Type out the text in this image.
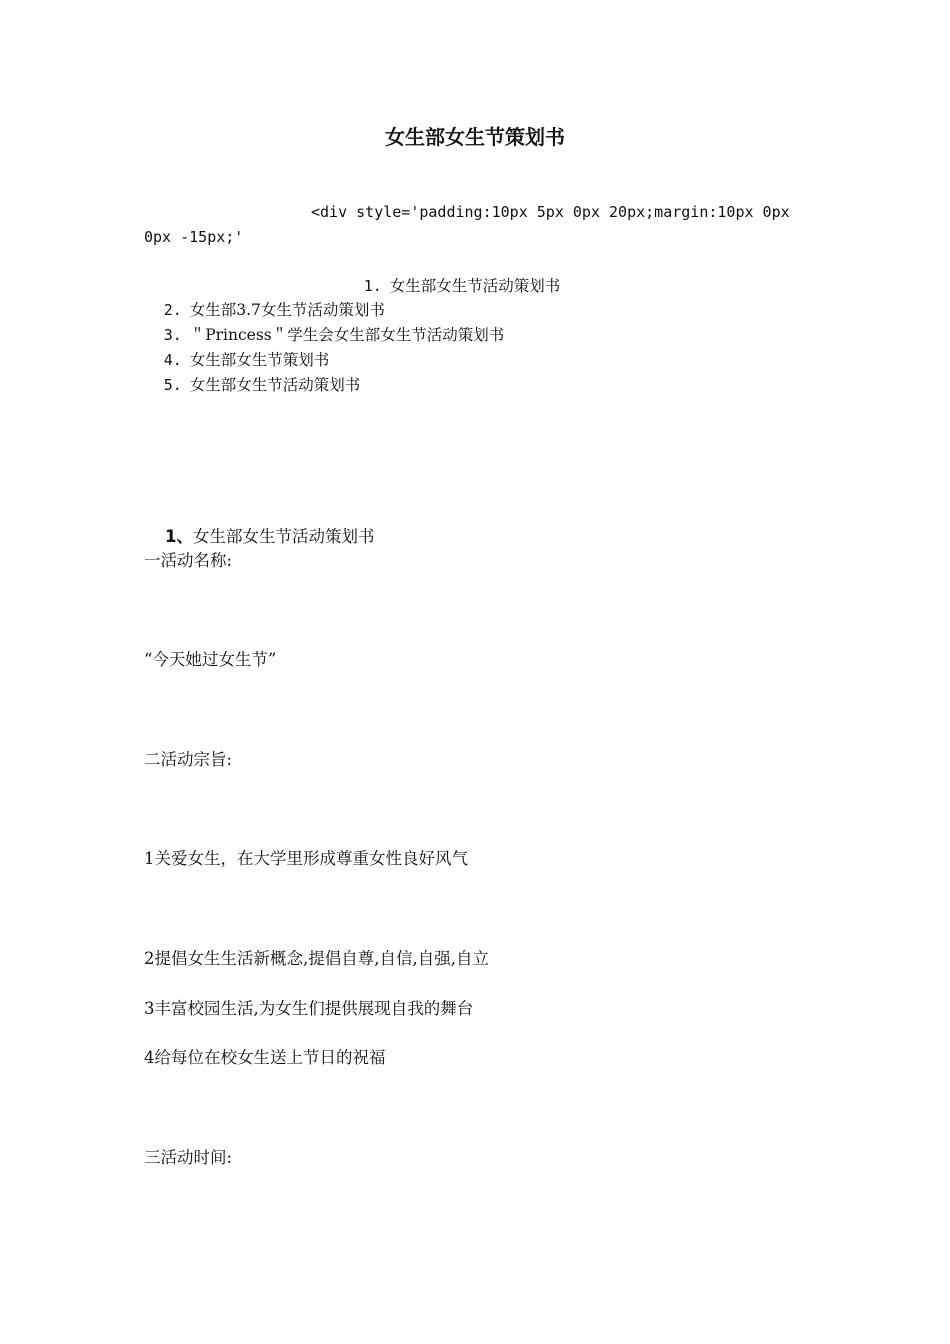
女生部女生节策划书
<div style='padding:10px 5px 0px 20px;margin:10px 0px
0px -15px;'

1. 女生部女生节活动策划书

2. 女生部3.7女生节活动策划书

3. ＂Princess＂学生会女生部女生节活动策划书

4. 女生部女生节策划书

5. 女生部女生节活动策划书

1、女生部女生节活动策划书

一活动名称:
“今天她过女生节”
二活动宗旨:
1关爱女生，在大学里形成尊重女性良好风气
2提倡女生生活新概念,提倡自尊,自信,自强,自立
3丰富校园生活,为女生们提供展现自我的舞台
4给每位在校女生送上节日的祝福
三活动时间:
